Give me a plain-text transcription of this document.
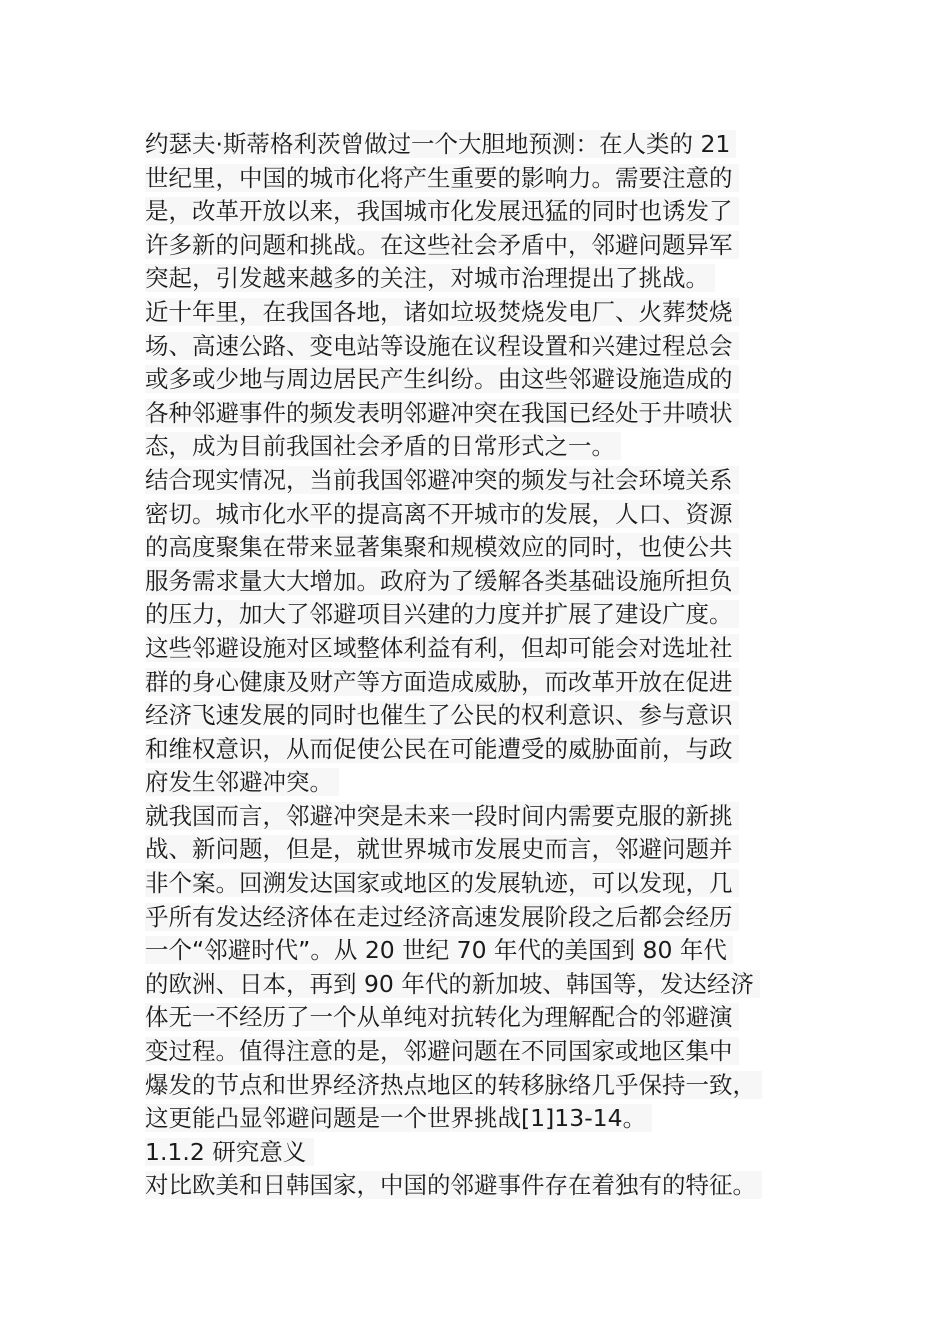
约瑟夫·斯蒂格利茨曾做过一个大胆地预测：在人类的 21
世纪里，中国的城市化将产生重要的影响力。需要注意的
是，改革开放以来，我国城市化发展迅猛的同时也诱发了
许多新的问题和挑战。在这些社会矛盾中，邻避问题异军
突起，引发越来越多的关注，对城市治理提出了挑战。
近十年里，在我国各地，诸如垃圾焚烧发电厂、火葬焚烧
场、高速公路、变电站等设施在议程设置和兴建过程总会
或多或少地与周边居民产生纠纷。由这些邻避设施造成的
各种邻避事件的频发表明邻避冲突在我国已经处于井喷状
态，成为目前我国社会矛盾的日常形式之一。
结合现实情况，当前我国邻避冲突的频发与社会环境关系
密切。城市化水平的提高离不开城市的发展，人口、资源
的高度聚集在带来显著集聚和规模效应的同时，也使公共
服务需求量大大增加。政府为了缓解各类基础设施所担负
的压力，加大了邻避项目兴建的力度并扩展了建设广度。
这些邻避设施对区域整体利益有利，但却可能会对选址社
群的身心健康及财产等方面造成威胁，而改革开放在促进
经济飞速发展的同时也催生了公民的权利意识、参与意识
和维权意识，从而促使公民在可能遭受的威胁面前，与政
府发生邻避冲突。
就我国而言，邻避冲突是未来一段时间内需要克服的新挑
战、新问题，但是，就世界城市发展史而言，邻避问题并
非个案。回溯发达国家或地区的发展轨迹，可以发现，几
乎所有发达经济体在走过经济高速发展阶段之后都会经历
一个“邻避时代”。从 20 世纪 70 年代的美国到 80 年代
的欧洲、日本，再到 90 年代的新加坡、韩国等，发达经济
体无一不经历了一个从单纯对抗转化为理解配合的邻避演
变过程。值得注意的是，邻避问题在不同国家或地区集中
爆发的节点和世界经济热点地区的转移脉络几乎保持一致，
这更能凸显邻避问题是一个世界挑战[1]13-14。
1.1.2 研究意义
对比欧美和日韩国家，中国的邻避事件存在着独有的特征。
